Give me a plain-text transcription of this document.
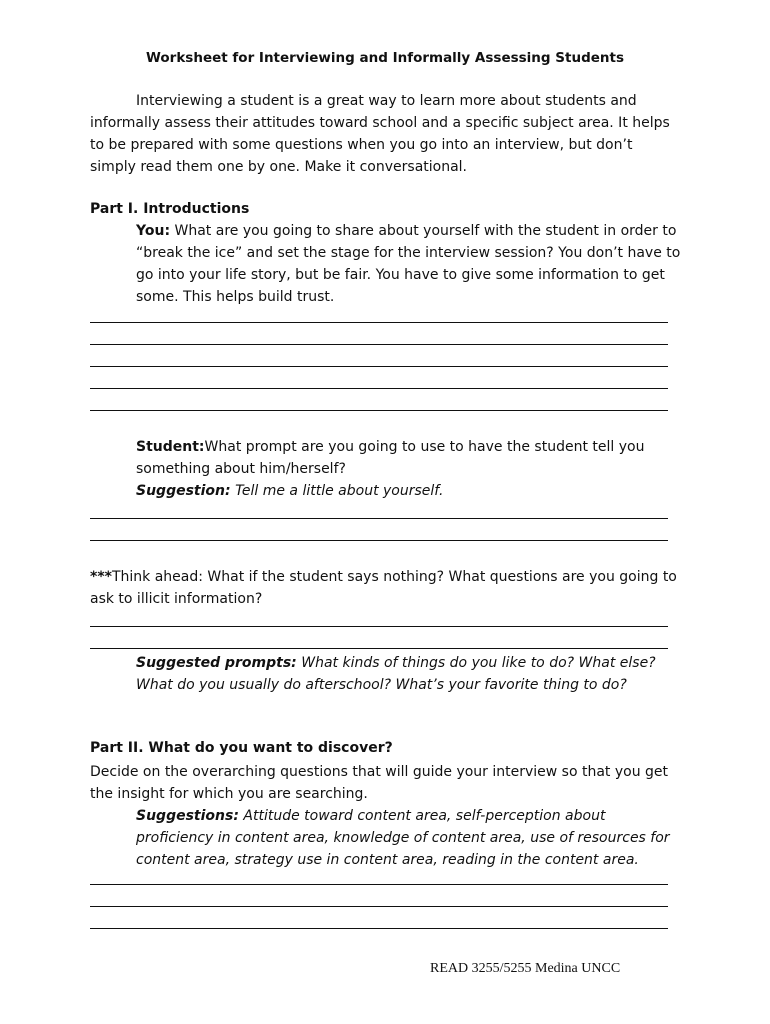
Worksheet for Interviewing and Informally Assessing Students
Interviewing a student is a great way to learn more about students and informally assess their attitudes toward school and a specific subject area. It helps to be prepared with some questions when you go into an interview, but don’t simply read them one by one. Make it conversational.
Part I. Introductions
You: What are you going to share about yourself with the student in order to “break the ice” and set the stage for the interview session? You don’t have to go into your life story, but be fair. You have to give some information to get some. This helps build trust.
Student:What prompt are you going to use to have the student tell you something about him/herself?
Suggestion: Tell me a little about yourself.
***Think ahead: What if the student says nothing? What questions are you going to ask to illicit information?
Suggested prompts: What kinds of things do you like to do? What else?What do you usually do afterschool? What’s your favorite thing to do?
Part II. What do you want to discover?
Decide on the overarching questions that will guide your interview so that you get the insight for which you are searching.
Suggestions: Attitude toward content area, self-perception about proficiency in content area, knowledge of content area, use of resources for content area, strategy use in content area, reading in the content area.
READ 3255/5255 Medina UNCC
